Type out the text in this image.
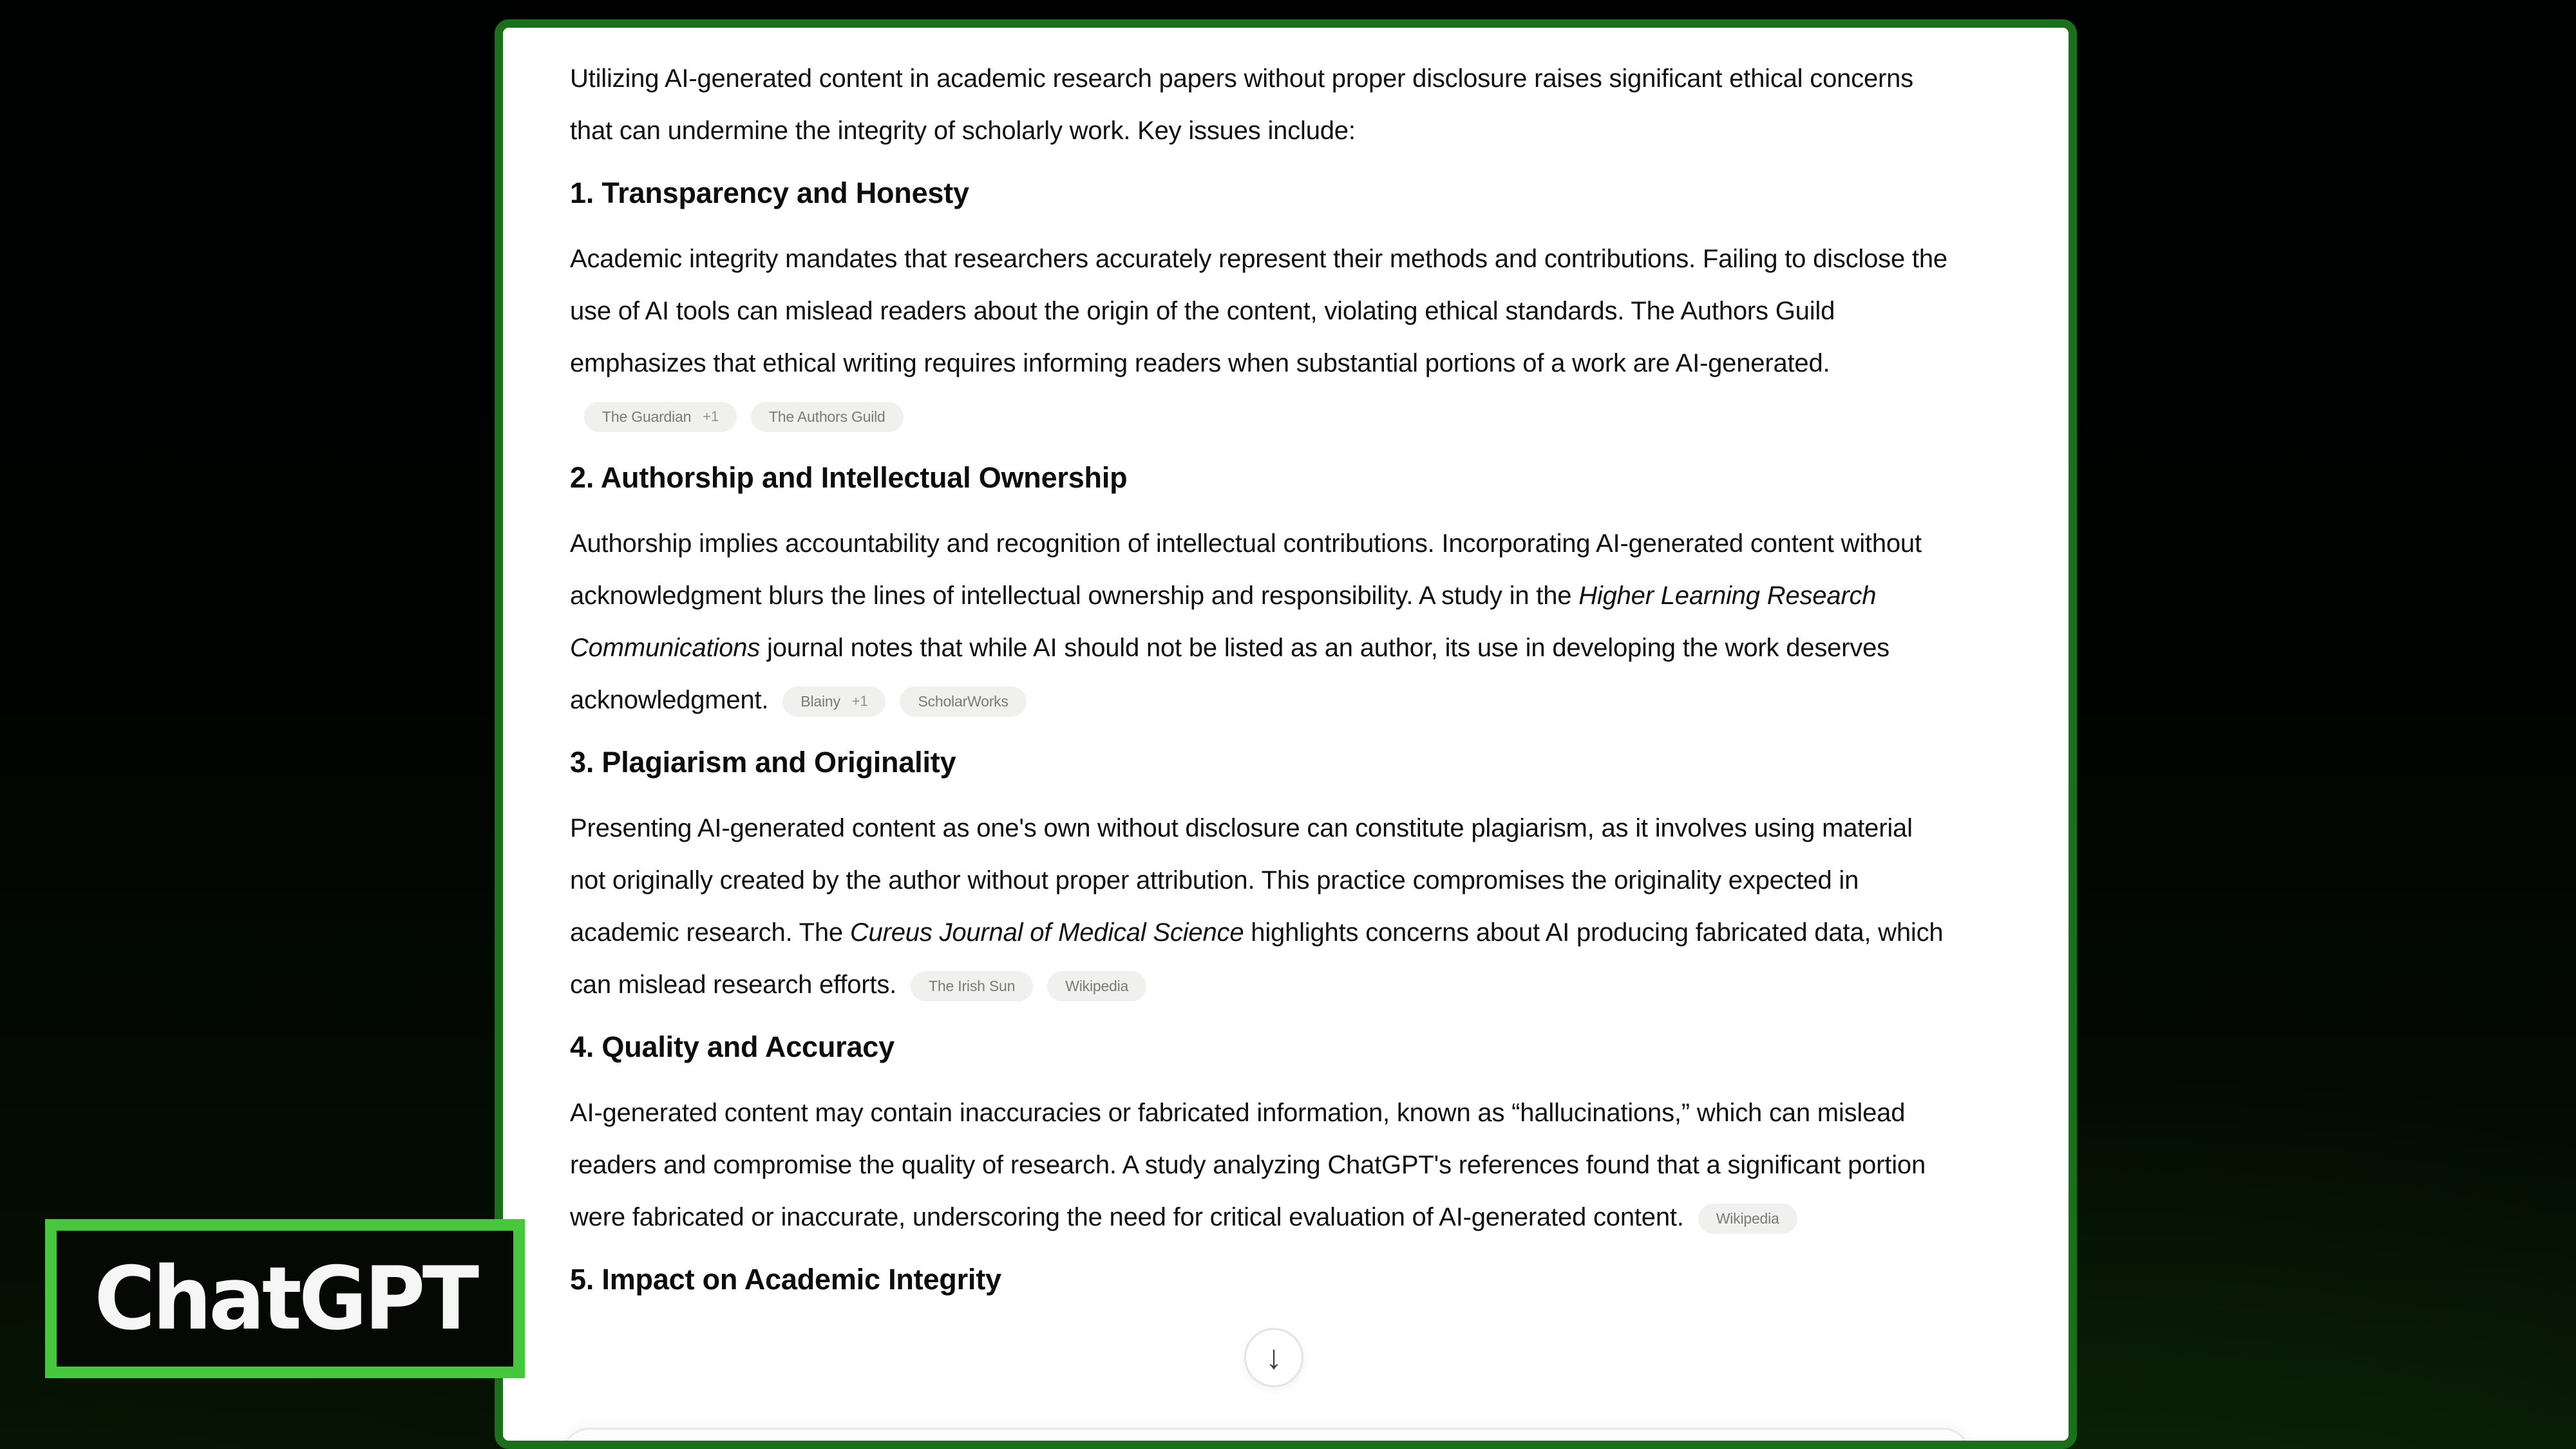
Utilizing AI-generated content in academic research papers without proper disclosure raises significant ethical concerns that can undermine the integrity of scholarly work. Key issues include:

1. Transparency and Honesty

Academic integrity mandates that researchers accurately represent their methods and contributions. Failing to disclose the use of AI tools can mislead readers about the origin of the content, violating ethical standards. The Authors Guild emphasizes that ethical writing requires informing readers when substantial portions of a work are AI-generated.
The Guardian +1	The Authors Guild

2. Authorship and Intellectual Ownership

Authorship implies accountability and recognition of intellectual contributions. Incorporating AI-generated content without acknowledgment blurs the lines of intellectual ownership and responsibility. A study in the Higher Learning Research Communications journal notes that while AI should not be listed as an author, its use in developing the work deserves acknowledgment. Blainy +1	ScholarWorks

3. Plagiarism and Originality

Presenting AI-generated content as one's own without disclosure can constitute plagiarism, as it involves using material not originally created by the author without proper attribution. This practice compromises the originality expected in academic research. The Cureus Journal of Medical Science highlights concerns about AI producing fabricated data, which can mislead research efforts. The Irish Sun	Wikipedia

4. Quality and Accuracy

AI-generated content may contain inaccuracies or fabricated information, known as “hallucinations,” which can mislead readers and compromise the quality of research. A study analyzing ChatGPT's references found that a significant portion were fabricated or inaccurate, underscoring the need for critical evaluation of AI-generated content. Wikipedia

5. Impact on Academic Integrity
↓
ChatGPT
